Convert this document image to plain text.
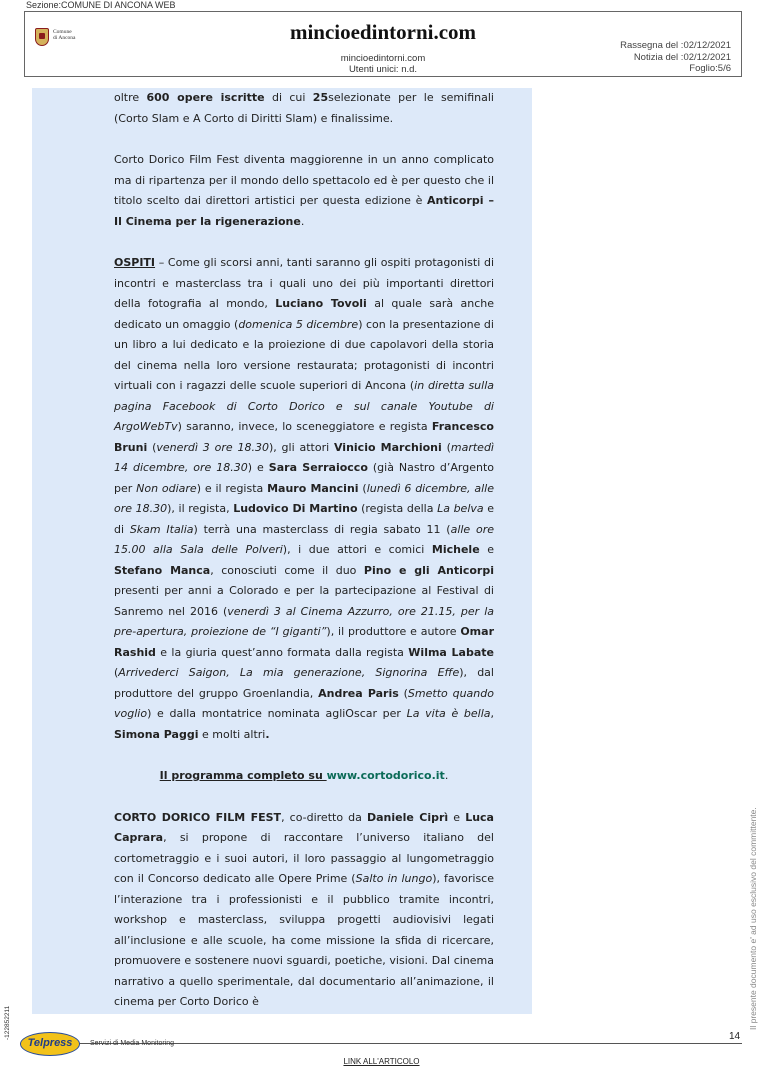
Sezione:COMUNE DI ANCONA WEB
Comune
di Ancona	mincioedintorni.com
mincioedintorni.com
Utenti unici: n.d.
Rassegna del :02/12/2021
Notizia del :02/12/2021
Foglio:5/6

oltre 600 opere iscritte di cui 25selezionate per le semifinali (Corto Slam e A Corto di Diritti Slam) e finalissime.

Corto Dorico Film Fest diventa maggiorenne in un anno complicato ma di ripartenza per il mondo dello spettacolo ed è per questo che il titolo scelto dai direttori artistici per questa edizione è Anticorpi – Il Cinema per la rigenerazione.

OSPITI – Come gli scorsi anni, tanti saranno gli ospiti protagonisti di incontri e masterclass tra i quali uno dei più importanti direttori della fotografia al mondo, Luciano Tovoli al quale sarà anche dedicato un omaggio (domenica 5 dicembre) con la presentazione di un libro a lui dedicato e la proiezione di due capolavori della storia del cinema nella loro versione restaurata; protagonisti di incontri virtuali con i ragazzi delle scuole superiori di Ancona (in diretta sulla pagina Facebook di Corto Dorico e sul canale Youtube di ArgoWebTv) saranno, invece, lo sceneggiatore e regista Francesco Bruni (venerdì 3 ore 18.30), gli attori Vinicio Marchioni (martedì 14 dicembre, ore 18.30) e Sara Serraiocco (già Nastro d’Argento per Non odiare) e il regista Mauro Mancini (lunedì 6 dicembre, alle ore 18.30), il regista, Ludovico Di Martino (regista della La belva e di Skam Italia) terrà una masterclass di regia sabato 11 (alle ore 15.00 alla Sala delle Polveri), i due attori e comici Michele e Stefano Manca, conosciuti come il duo Pino e gli Anticorpi presenti per anni a Colorado e per la partecipazione al Festival di Sanremo nel 2016 (venerdì 3 al Cinema Azzurro, ore 21.15, per la pre-apertura, proiezione de “I giganti”), il produttore e autore Omar Rashid e la giuria quest’anno formata dalla regista Wilma Labate (Arrivederci Saigon, La mia generazione, Signorina Effe), dal produttore del gruppo Groenlandia, Andrea Paris (Smetto quando voglio) e dalla montatrice nominata agliOscar per La vita è bella, Simona Paggi e molti altri.

Il programma completo su www.cortodorico.it.

CORTO DORICO FILM FEST, co-diretto da Daniele Ciprì e Luca Caprara, si propone di raccontare l’universo italiano del cortometraggio e i suoi autori, il loro passaggio al lungometraggio con il Concorso dedicato alle Opere Prime (Salto in lungo), favorisce l’interazione tra i professionisti e il pubblico tramite incontri, workshop e masterclass, sviluppa progetti audiovisivi legati all’inclusione e alle scuole, ha come missione la sfida di ricercare, promuovere e sostenere nuovi sguardi, poetiche, visioni. Dal cinema narrativo a quello sperimentale, dal documentario all’animazione, il cinema per Corto Dorico è	Il presente documento e' ad uso esclusivo del committente.
-122852211	14
Telpress	Servizi di Media Monitoring
LINK ALL'ARTICOLO
